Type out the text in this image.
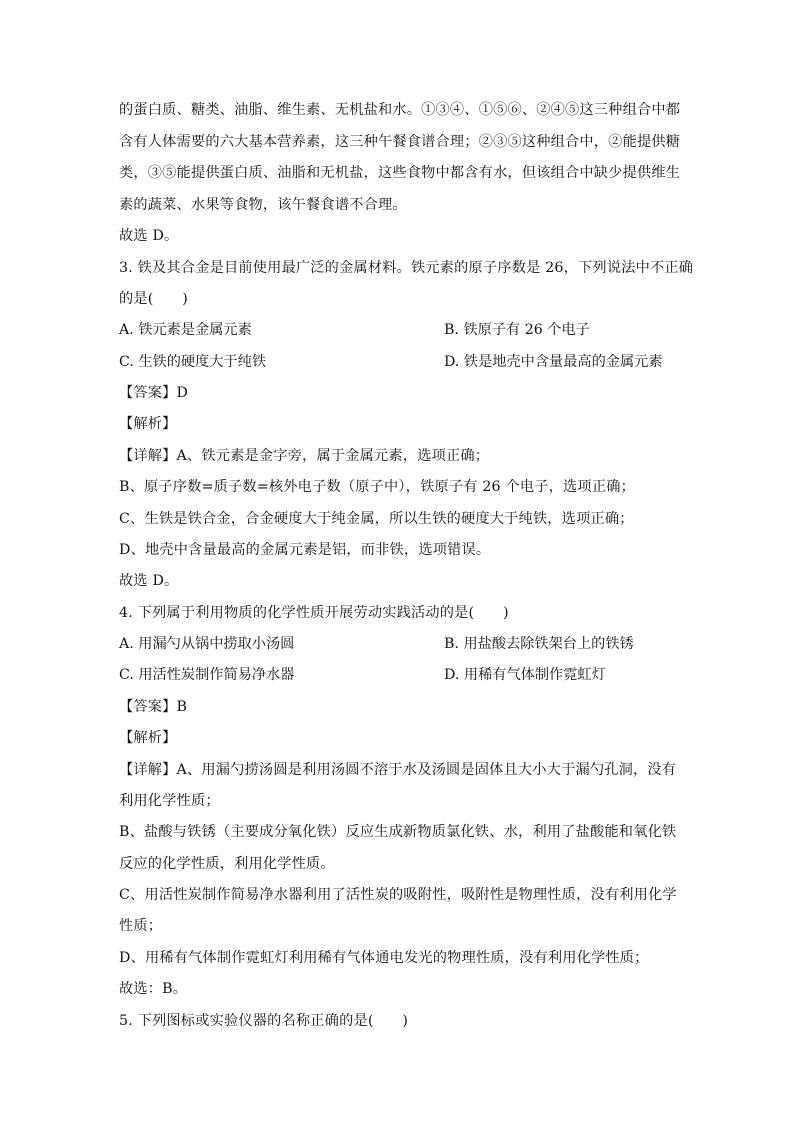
的蛋白质、糖类、油脂、维生素、无机盐和水。①③④、①⑤⑥、②④⑤这三种组合中都
含有人体需要的六大基本营养素，这三种午餐食谱合理；②③⑤这种组合中，②能提供糖
类，③⑤能提供蛋白质、油脂和无机盐，这些食物中都含有水，但该组合中缺少提供维生
素的蔬菜、水果等食物，该午餐食谱不合理。
故选 D。
3. 铁及其合金是目前使用最广泛的金属材料。铁元素的原子序数是 26，下列说法中不正确
的是(　　)
A. 铁元素是金属元素	B. 铁原子有 26 个电子
C. 生铁的硬度大于纯铁	D. 铁是地壳中含量最高的金属元素
【答案】D
【解析】
【详解】A、铁元素是金字旁，属于金属元素，选项正确；
B、原子序数=质子数=核外电子数（原子中），铁原子有 26 个电子，选项正确；
C、生铁是铁合金，合金硬度大于纯金属，所以生铁的硬度大于纯铁，选项正确；
D、地壳中含量最高的金属元素是铝，而非铁，选项错误。
故选 D。
4. 下列属于利用物质的化学性质开展劳动实践活动的是(　　)
A. 用漏勺从锅中捞取小汤圆	B. 用盐酸去除铁架台上的铁锈
C. 用活性炭制作简易净水器	D. 用稀有气体制作霓虹灯
【答案】B
【解析】
【详解】A、用漏勺捞汤圆是利用汤圆不溶于水及汤圆是固体且大小大于漏勺孔洞，没有
利用化学性质；
B、盐酸与铁锈（主要成分氧化铁）反应生成新物质氯化铁、水，利用了盐酸能和氧化铁
反应的化学性质，利用化学性质。
C、用活性炭制作简易净水器利用了活性炭的吸附性，吸附性是物理性质，没有利用化学
性质；
D、用稀有气体制作霓虹灯利用稀有气体通电发光的物理性质，没有利用化学性质；
故选：B。
5. 下列图标或实验仪器的名称正确的是(　　)
